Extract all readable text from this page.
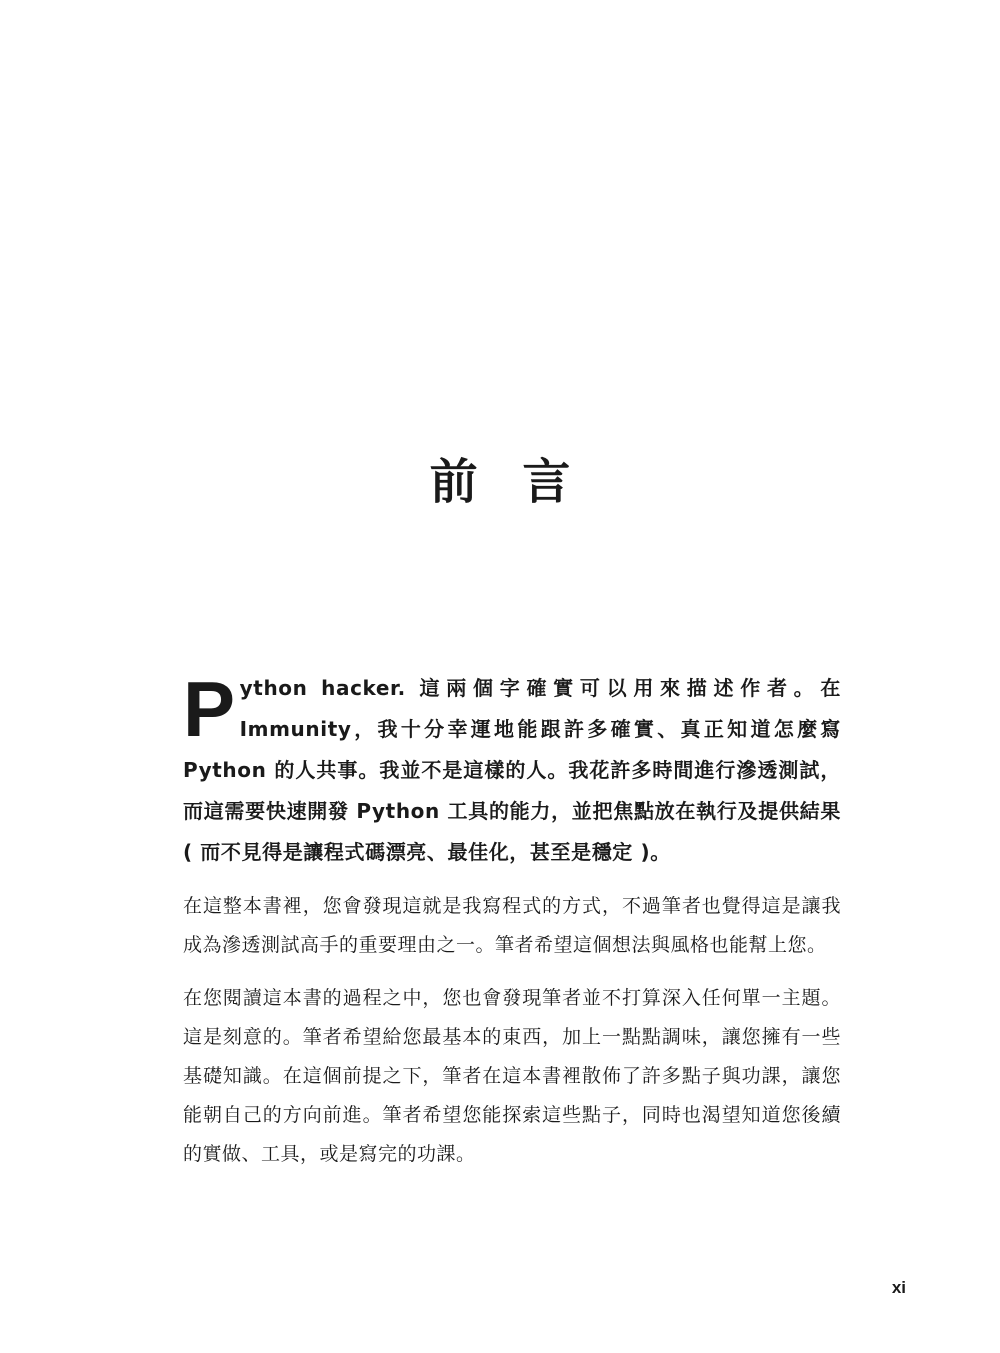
前 言

Python hacker. 這兩個字確實可以用來描述作者。在 Immunity，我十分幸運地能跟許多確實、真正知道怎麼寫 Python 的人共事。我並不是這樣的人。我花許多時間進行滲透測試，而這需要快速開發 Python 工具的能力，並把焦點放在執行及提供結果 ( 而不見得是讓程式碼漂亮、最佳化，甚至是穩定 )。

在這整本書裡，您會發現這就是我寫程式的方式，不過筆者也覺得這是讓我成為滲透測試高手的重要理由之一。筆者希望這個想法與風格也能幫上您。

在您閱讀這本書的過程之中，您也會發現筆者並不打算深入任何單一主題。這是刻意的。筆者希望給您最基本的東西，加上一點點調味，讓您擁有一些基礎知識。在這個前提之下，筆者在這本書裡散佈了許多點子與功課，讓您能朝自己的方向前進。筆者希望您能探索這些點子，同時也渴望知道您後續的實做、工具，或是寫完的功課。

xi
